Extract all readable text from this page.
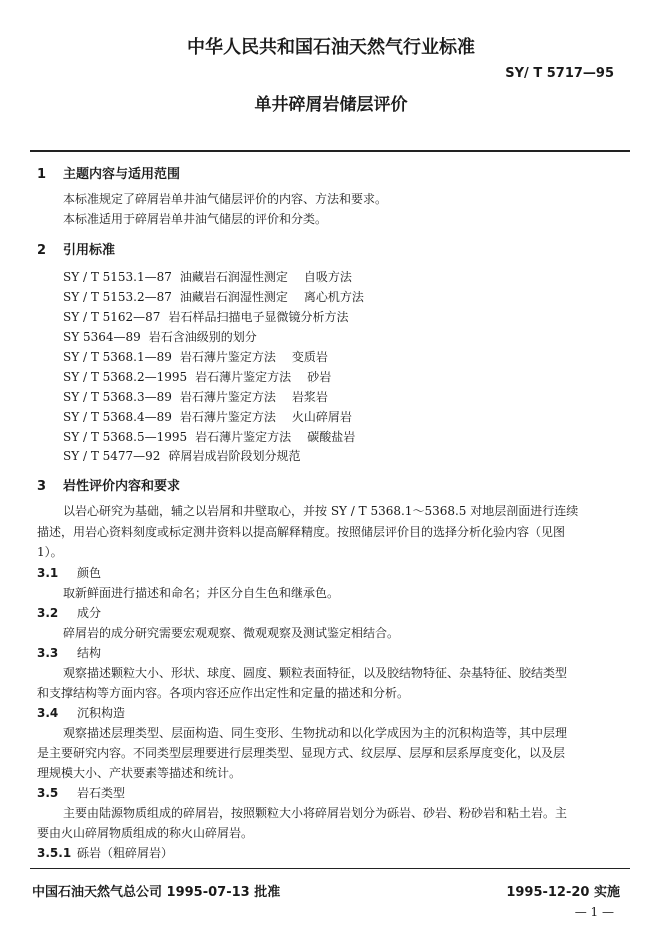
中华人民共和国石油天然气行业标准
SY/ T 5717—95
单井碎屑岩储层评价
1 主题内容与适用范围
本标准规定了碎屑岩单井油气储层评价的内容、方法和要求。
本标准适用于碎屑岩单井油气储层的评价和分类。
2 引用标准
SY / T 5153.1—87 油藏岩石润湿性测定 自吸方法
SY / T 5153.2—87 油藏岩石润湿性测定 离心机方法
SY / T 5162—87 岩石样品扫描电子显微镜分析方法
SY 5364—89 岩石含油级别的划分
SY / T 5368.1—89 岩石薄片鉴定方法 变质岩
SY / T 5368.2—1995 岩石薄片鉴定方法 砂岩
SY / T 5368.3—89 岩石薄片鉴定方法 岩浆岩
SY / T 5368.4—89 岩石薄片鉴定方法 火山碎屑岩
SY / T 5368.5—1995 岩石薄片鉴定方法 碳酸盐岩
SY / T 5477—92 碎屑岩成岩阶段划分规范
3 岩性评价内容和要求
以岩心研究为基础，辅之以岩屑和井壁取心，并按 SY / T 5368.1～5368.5 对地层剖面进行连续
描述，用岩心资料刻度或标定测井资料以提高解释精度。按照储层评价目的选择分析化验内容（见图
1）。
3.1 颜色
取新鲜面进行描述和命名；并区分自生色和继承色。
3.2 成分
碎屑岩的成分研究需要宏观观察、微观观察及测试鉴定相结合。
3.3 结构
观察描述颗粒大小、形状、球度、圆度、颗粒表面特征，以及胶结物特征、杂基特征、胶结类型
和支撑结构等方面内容。各项内容还应作出定性和定量的描述和分析。
3.4 沉积构造
观察描述层理类型、层面构造、同生变形、生物扰动和以化学成因为主的沉积构造等，其中层理
是主要研究内容。不同类型层理要进行层理类型、显现方式、纹层厚、层厚和层系厚度变化，以及层
理规模大小、产状要素等描述和统计。
3.5 岩石类型
主要由陆源物质组成的碎屑岩，按照颗粒大小将碎屑岩划分为砾岩、砂岩、粉砂岩和粘土岩。主
要由火山碎屑物质组成的称火山碎屑岩。
3.5.1 砾岩（粗碎屑岩）
中国石油天然气总公司 1995-07-13 批准	1995-12-20 实施
— 1 —
